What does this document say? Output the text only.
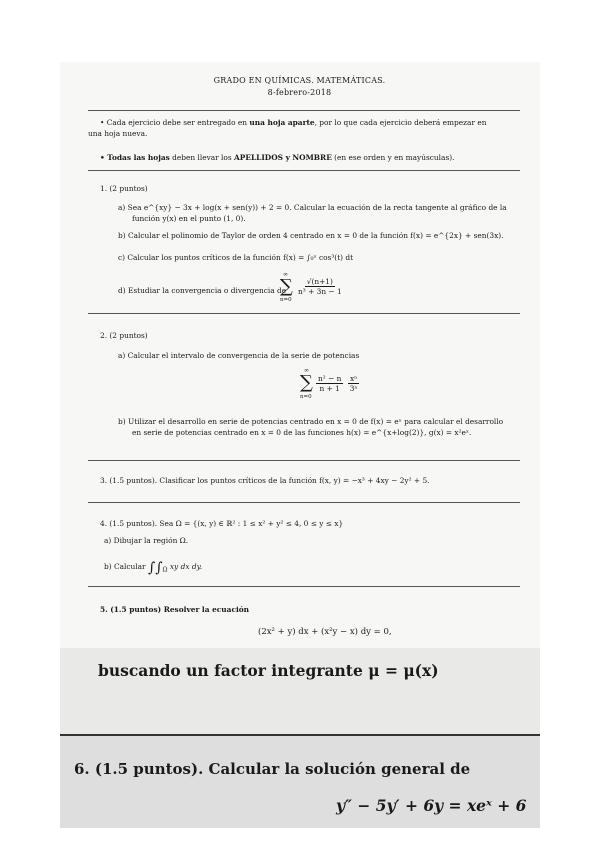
GRADO EN QUÍMICAS. MATEMÁTICAS.
8-febrero-2018
• Cada ejercicio debe ser entregado en una hoja aparte, por lo que cada ejercicio deberá empezar en
una hoja nueva.
• Todas las hojas deben llevar los APELLIDOS y NOMBRE (en ese orden y en mayúsculas).
1. (2 puntos)
a) Sea e^{xy} − 3x + log(x + sen(y)) + 2 = 0. Calcular la ecuación de la recta tangente al gráfico de la
función y(x) en el punto (1, 0).
b) Calcular el polinomio de Taylor de orden 4 centrado en x = 0 de la función f(x) = e^{2x} + sen(3x).
c) Calcular los puntos críticos de la función f(x) = ∫₀ˣ cos³(t) dt
d) Estudiar la convergencia o divergencia de
∞
∑
n=0
$\frac{√(n+1)}{\text{n³ + 3n − 1}}$
2. (2 puntos)
a) Calcular el intervalo de convergencia de la serie de potencias
∞
∑
n=0
$\frac{\text{n² − n}}{n + 1} \frac{\text{xⁿ}}{\text{3ⁿ}}$
b) Utilizar el desarrollo en serie de potencias centrado en x = 0 de f(x) = eˣ para calcular el desarrollo
en serie de potencias centrado en x = 0 de las funciones h(x) = e^{x+log(2)}, g(x) = x²eˣ.
3. (1.5 puntos). Clasificar los puntos críticos de la función f(x, y) = −x³ + 4xy − 2y² + 5.
4. (1.5 puntos). Sea Ω = {(x, y) ∈ ℝ² : 1 ≤ x² + y² ≤ 4, 0 ≤ y ≤ x}
a) Dibujar la región Ω.
b) Calcular $\int\int_\Omega$ xy dx dy.
5. (1.5 puntos) Resolver la ecuación
(2x² + y) dx + (x²y − x) dy = 0,
buscando un factor integrante μ = μ(x)
6. (1.5 puntos). Calcular la solución general de
y″ − 5y′ + 6y = xeˣ + 6
